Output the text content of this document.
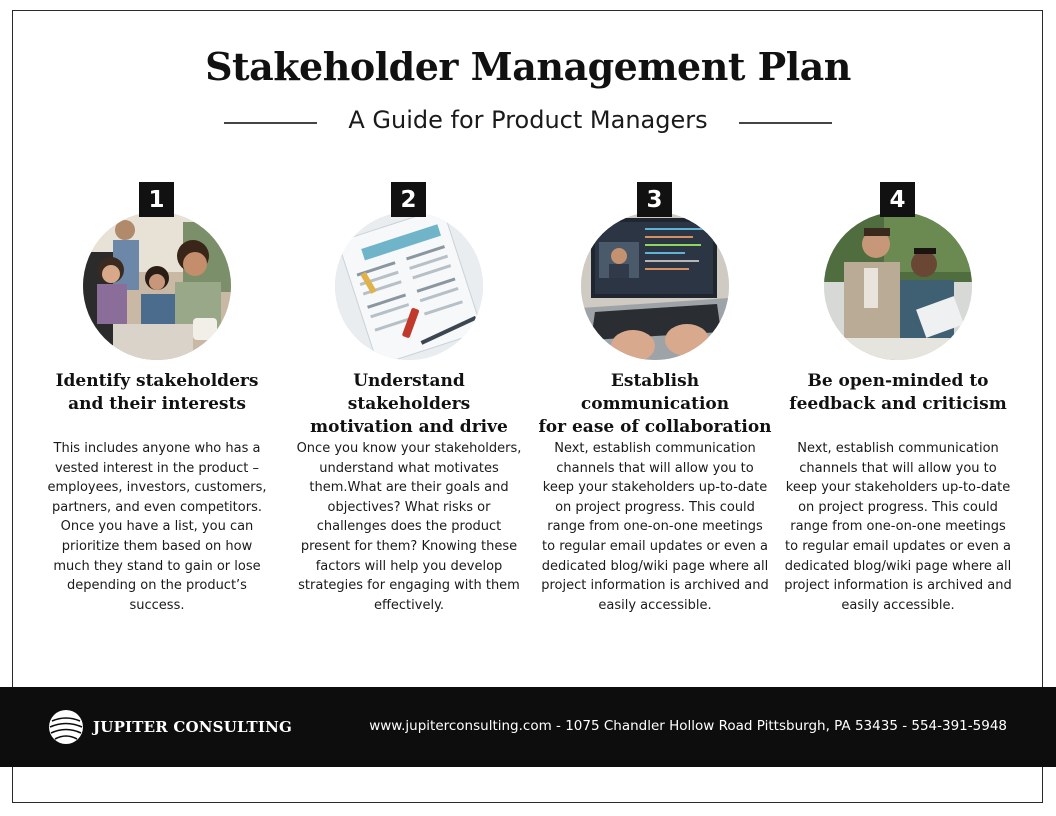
Stakeholder Management Plan
A Guide for Product Managers
1
Identify stakeholders
and their interests
This includes anyone who has a vested interest in the product – employees, investors, customers, partners, and even competitors. Once you have a list, you can prioritize them based on how much they stand to gain or lose depending on the product’s success.
2
Understand stakeholders
motivation and drive
Once you know your stakeholders, understand what motivates them.What are their goals and objectives? What risks or challenges does the product present for them? Knowing these factors will help you develop strategies for engaging with them effectively.
3
Establish communication
for ease of collaboration
Next, establish communication channels that will allow you to keep your stakeholders up-to-date on project progress. This could range from one-on-one meetings to regular email updates or even a dedicated blog/wiki page where all project information is archived and easily accessible.
4
Be open-minded to
feedback and criticism
Next, establish communication channels that will allow you to keep your stakeholders up-to-date on project progress. This could range from one-on-one meetings to regular email updates or even a dedicated blog/wiki page where all project information is archived and easily accessible.
JUPITER CONSULTING	www.jupiterconsulting.com - 1075 Chandler Hollow Road Pittsburgh, PA 53435 - 554-391-5948
